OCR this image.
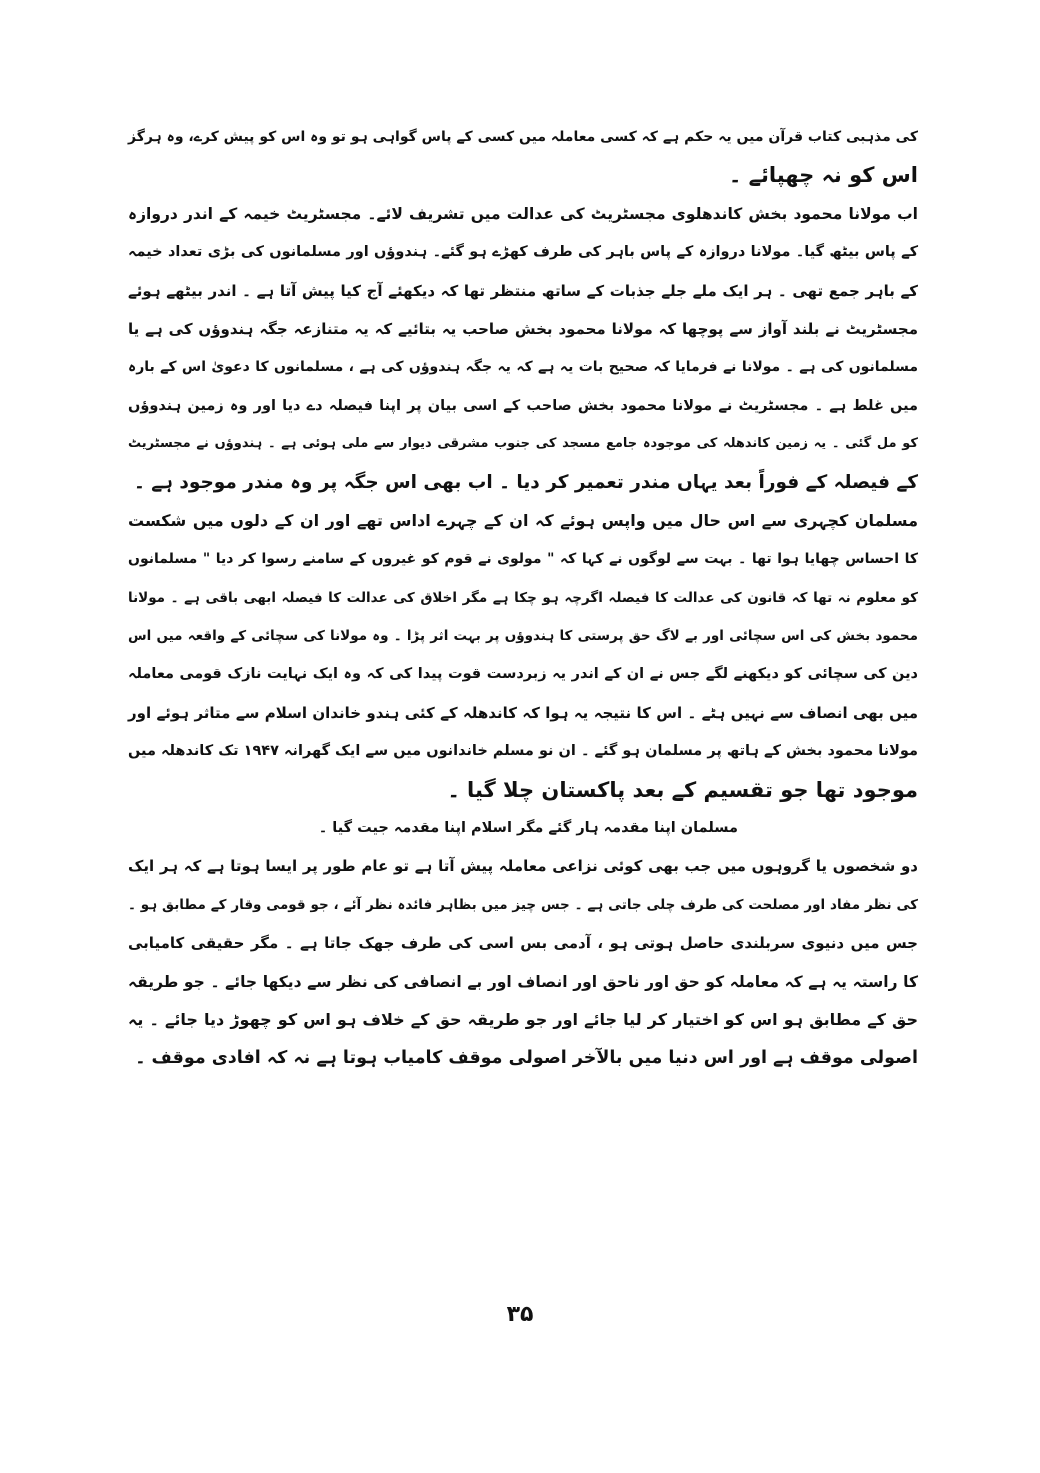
کی مذہبی کتاب قرآن میں یہ حکم ہے کہ کسی معاملہ میں کسی کے پاس گواہی ہو تو وہ اس کو پیش کرے، وہ ہرگز
اس کو نہ چھپائے ۔
اب مولانا محمود بخش کاندھلوی مجسٹریٹ کی عدالت میں تشریف لائے۔ مجسٹریٹ خیمہ کے اندر دروازہ
کے پاس بیٹھ گیا۔ مولانا دروازہ کے پاس باہر کی طرف کھڑے ہو گئے۔ ہندوؤں اور مسلمانوں کی بڑی تعداد خیمہ
کے باہر جمع تھی ۔ ہر ایک ملے جلے جذبات کے ساتھ منتظر تھا کہ دیکھئے آج کیا پیش آتا ہے ۔ اندر بیٹھے ہوئے
مجسٹریٹ نے بلند آواز سے پوچھا کہ مولانا محمود بخش صاحب یہ بتائیے کہ یہ متنازعہ جگہ ہندوؤں کی ہے یا
مسلمانوں کی ہے ۔ مولانا نے فرمایا کہ صحیح بات یہ ہے کہ یہ جگہ ہندوؤں کی ہے ، مسلمانوں کا دعویٰ اس کے بارہ
میں غلط ہے ۔ مجسٹریٹ نے مولانا محمود بخش صاحب کے اسی بیان پر اپنا فیصلہ دے دیا اور وہ زمین ہندوؤں
کو مل گئی ۔ یہ زمین کاندھلہ کی موجودہ جامع مسجد کی جنوب مشرقی دیوار سے ملی ہوئی ہے ۔ ہندوؤں نے مجسٹریٹ
کے فیصلہ کے فوراً بعد یہاں مندر تعمیر کر دیا ۔ اب بھی اس جگہ پر وہ مندر موجود ہے ۔
مسلمان کچہری سے اس حال میں واپس ہوئے کہ ان کے چہرے اداس تھے اور ان کے دلوں میں شکست
کا احساس چھایا ہوا تھا ۔ بہت سے لوگوں نے کہا کہ " مولوی نے قوم کو غیروں کے سامنے رسوا کر دیا " مسلمانوں
کو معلوم نہ تھا کہ قانون کی عدالت کا فیصلہ اگرچہ ہو چکا ہے مگر اخلاق کی عدالت کا فیصلہ ابھی باقی ہے ۔ مولانا
محمود بخش کی اس سچائی اور بے لاگ حق پرستی کا ہندوؤں پر بہت اثر پڑا ۔ وہ مولانا کی سچائی کے واقعہ میں اس
دین کی سچائی کو دیکھنے لگے جس نے ان کے اندر یہ زبردست قوت پیدا کی کہ وہ ایک نہایت نازک قومی معاملہ
میں بھی انصاف سے نہیں ہٹے ۔ اس کا نتیجہ یہ ہوا کہ کاندھلہ کے کئی ہندو خاندان اسلام سے متاثر ہوئے اور
مولانا محمود بخش کے ہاتھ پر مسلمان ہو گئے ۔ ان نو مسلم خاندانوں میں سے ایک گھرانہ ۱۹۴۷ تک کاندھلہ میں
موجود تھا جو تقسیم کے بعد پاکستان چلا گیا ۔
مسلمان اپنا مقدمہ ہار گئے مگر اسلام اپنا مقدمہ جیت گیا ۔
دو شخصوں یا گروہوں میں جب بھی کوئی نزاعی معاملہ پیش آتا ہے تو عام طور پر ایسا ہوتا ہے کہ ہر ایک
کی نظر مفاد اور مصلحت کی طرف چلی جاتی ہے ۔ جس چیز میں بظاہر فائدہ نظر آئے ، جو قومی وقار کے مطابق ہو ۔
جس میں دنیوی سربلندی حاصل ہوتی ہو ، آدمی بس اسی کی طرف جھک جاتا ہے ۔ مگر حقیقی کامیابی
کا راستہ یہ ہے کہ معاملہ کو حق اور ناحق اور انصاف اور بے انصافی کی نظر سے دیکھا جائے ۔ جو طریقہ
حق کے مطابق ہو اس کو اختیار کر لیا جائے اور جو طریقہ حق کے خلاف ہو اس کو چھوڑ دیا جائے ۔ یہ
اصولی موقف ہے اور اس دنیا میں بالآخر اصولی موقف کامیاب ہوتا ہے نہ کہ افادی موقف ۔
۳۵
